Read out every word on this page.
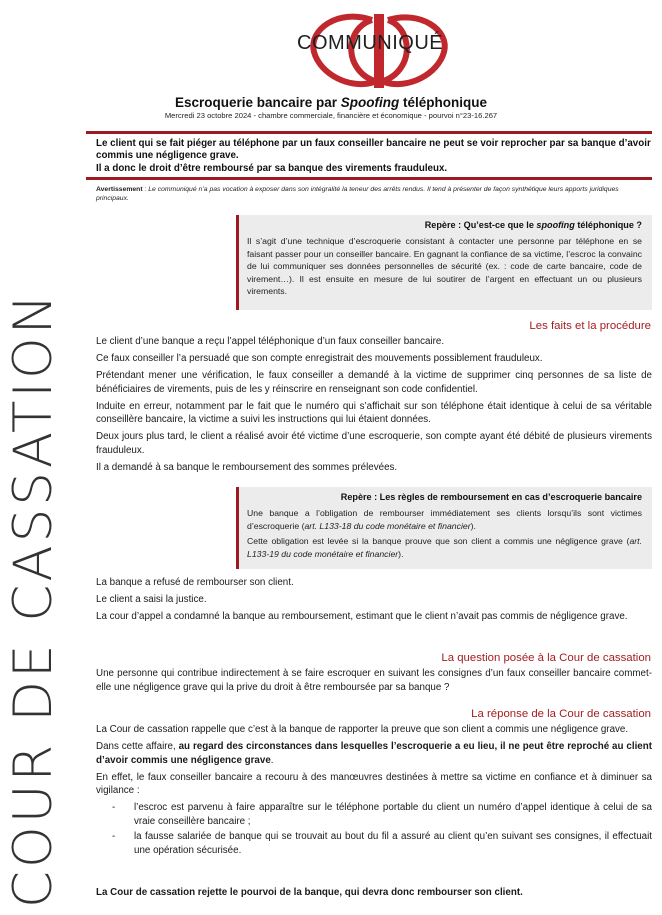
COUR DE CASSATION
COMMUNIQUÉ
Escroquerie bancaire par Spoofing téléphonique
Mercredi 23 octobre 2024 - chambre commerciale, financière et économique - pourvoi n°23-16.267
Le client qui se fait piéger au téléphone par un faux conseiller bancaire ne peut se voir reprocher par sa banque d’avoir commis une négligence grave.
Il a donc le droit d’être remboursé par sa banque des virements frauduleux.
Avertissement : Le communiqué n’a pas vocation à exposer dans son intégralité la teneur des arrêts rendus. Il tend à présenter de façon synthétique leurs apports juridiques principaux.
Repère : Qu’est-ce que le spoofing téléphonique ?

Il s’agit d’une technique d’escroquerie consistant à contacter une personne par téléphone en se faisant passer pour un conseiller bancaire. En gagnant la confiance de sa victime, l’escroc la convainc de lui communiquer ses données personnelles de sécurité (ex. : code de carte bancaire, code de virement…). Il est ensuite en mesure de lui soutirer de l’argent en effectuant un ou plusieurs virements.

Les faits et la procédure

Le client d’une banque a reçu l’appel téléphonique d’un faux conseiller bancaire.

Ce faux conseiller l’a persuadé que son compte enregistrait des mouvements possiblement frauduleux.

Prétendant mener une vérification, le faux conseiller a demandé à la victime de supprimer cinq personnes de sa liste de bénéficiaires de virements, puis de les y réinscrire en renseignant son code confidentiel.

Induite en erreur, notamment par le fait que le numéro qui s’affichait sur son téléphone était identique à celui de sa véritable conseillère bancaire, la victime a suivi les instructions qui lui étaient données.

Deux jours plus tard, le client a réalisé avoir été victime d’une escroquerie, son compte ayant été débité de plusieurs virements frauduleux.

Il a demandé à sa banque le remboursement des sommes prélevées.

Repère : Les règles de remboursement en cas d’escroquerie bancaire

Une banque a l’obligation de rembourser immédiatement ses clients lorsqu’ils sont victimes d’escroquerie (art. L133-18 du code monétaire et financier).

Cette obligation est levée si la banque prouve que son client a commis une négligence grave (art. L133-19 du code monétaire et financier).

La banque a refusé de rembourser son client.

Le client a saisi la justice.

La cour d’appel a condamné la banque au remboursement, estimant que le client n’avait pas commis de négligence grave.

La question posée à la Cour de cassation

Une personne qui contribue indirectement à se faire escroquer en suivant les consignes d’un faux conseiller bancaire commet-elle une négligence grave qui la prive du droit à être remboursée par sa banque ?

La réponse de la Cour de cassation

La Cour de cassation rappelle que c’est à la banque de rapporter la preuve que son client a commis une négligence grave.

Dans cette affaire, au regard des circonstances dans lesquelles l’escroquerie a eu lieu, il ne peut être reproché au client d’avoir commis une négligence grave.

En effet, le faux conseiller bancaire a recouru à des manœuvres destinées à mettre sa victime en confiance et à diminuer sa vigilance :

- l’escroc est parvenu à faire apparaître sur le téléphone portable du client un numéro d’appel identique à celui de sa vraie conseillère bancaire ;
- la fausse salariée de banque qui se trouvait au bout du fil a assuré au client qu’en suivant ses consignes, il effectuait une opération sécurisée.
La Cour de cassation rejette le pourvoi de la banque, qui devra donc rembourser son client.
